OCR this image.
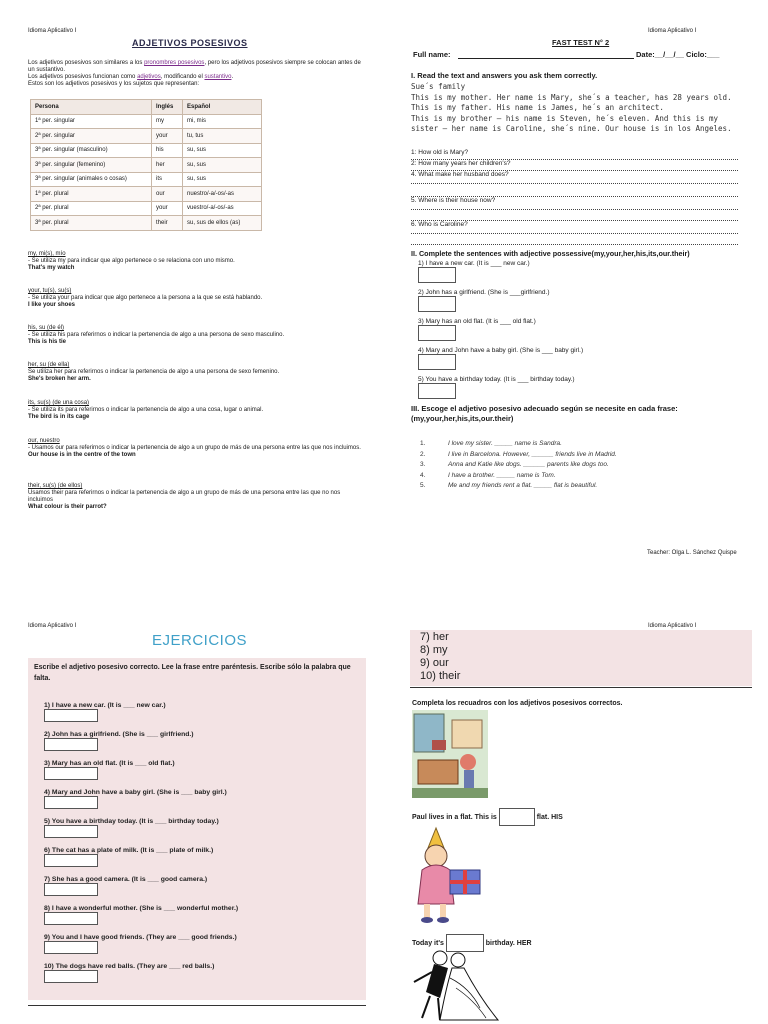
Idioma Aplicativo I
ADJETIVOS POSESIVOS
Los adjetivos posesivos son similares a los pronombres posesivos, pero los adjetivos posesivos siempre se colocan antes de un sustantivo.
Los adjetivos posesivos funcionan como adjetivos, modificando el sustantivo.
Estos son los adjetivos posesivos y los sujetos que representan:
Persona	Inglés	Español
1ª per. singular	my	mi, mis
2ª per. singular	your	tu, tus
3ª per. singular (masculino)	his	su, sus
3ª per. singular (femenino)	her	su, sus
3ª per. singular (animales o cosas)	its	su, sus
1ª per. plural	our	nuestro/-a/-os/-as
2ª per. plural	your	vuestro/-a/-os/-as
3ª per. plural	their	su, sus de ellos (as)
my, mi(s), mío
- Se utiliza my para indicar que algo pertenece o se relaciona con uno mismo.
That's my watch
your, tu(s), su(s)
- Se utiliza your para indicar que algo pertenece a la persona a la que se está hablando.
I like your shoes
his, su (de él)
- Se utiliza his para referirnos o indicar la pertenencia de algo a una persona de sexo masculino.
This is his tie
her, su (de ella)
Se utiliza her para referirnos o indicar la pertenencia de algo a una persona de sexo femenino.
She's broken her arm.
its, su(s) (de una cosa)
- Se utiliza its para referirnos o indicar la pertenencia de algo a una cosa, lugar o animal.
The bird is in its cage
our, nuestro
- Usamos our para referirnos o indicar la pertenencia de algo a un grupo de más de una persona entre las que nos incluimos.
Our house is in the centre of the town
their, su(s) (de ellos)
Usamos their para referirnos o indicar la pertenencia de algo a un grupo de más de una persona entre las que no nos incluimos
What colour is their parrot?
Idioma Aplicativo I
FAST TEST N° 2
Full name:	Date:__/__/__ Ciclo:___
I. Read the text and answers you ask them correctly.
Sue´s family
This is my mother. Her name is Mary, she´s a teacher, has 28 years old.
This is my father. His name is James, he´s an architect.
This is my brother – his name is Steven, he´s eleven. And this is my
sister – her name is Caroline, she´s nine. Our house is in los Angeles.
1: How old is Mary?
2: How many years her children's?
4. What make her husband does?
5. Where is their house now?
6. Who is Caroline?
II. Complete the sentences with adjective possessive(my,your,her,his,its,our.their)
1) I have a new car. (It is ___ new car.)
2) John has a girlfriend. (She is ___girlfriend.)
3) Mary has an old flat. (It is ___ old flat.)
4) Mary and John have a baby girl. (She is ___ baby girl.)
5) You have a birthday today. (It is ___ birthday today.)
III. Escoge el adjetivo posesivo adecuado según se necesite en cada frase:
(my,your,her,his,its,our.their)
1.	I love my sister. _____ name is Sandra.
2.	I live in Barcelona. However, ______ friends live in Madrid.
3.	Anna and Katie like dogs. ______ parents like dogs too.
4.	I have a brother. _____ name is Tom.
5.	Me and my friends rent a flat. _____ flat is beautiful.
Teacher: Olga L. Sánchez Quispe
Idioma Aplicativo I
EJERCICIOS
Escribe el adjetivo posesivo correcto. Lee la frase entre paréntesis. Escribe sólo la palabra que falta.
1) I have a new car. (It is ___ new car.)
2) John has a girlfriend. (She is ___ girlfriend.)
3) Mary has an old flat. (It is ___ old flat.)
4) Mary and John have a baby girl. (She is ___ baby girl.)
5) You have a birthday today. (It is ___ birthday today.)
6) The cat has a plate of milk. (It is ___ plate of milk.)
7) She has a good camera. (It is ___ good camera.)
8) I have a wonderful mother. (She is ___ wonderful mother.)
9) You and I have good friends. (They are ___ good friends.)
10) The dogs have red balls. (They are ___ red balls.)
7) her
8) my
9) our
10) their
Idioma Aplicativo I
Completa los recuadros con los adjetivos posesivos correctos.
Paul lives in a flat. This is	flat. HIS
Today it's	birthday. HER
